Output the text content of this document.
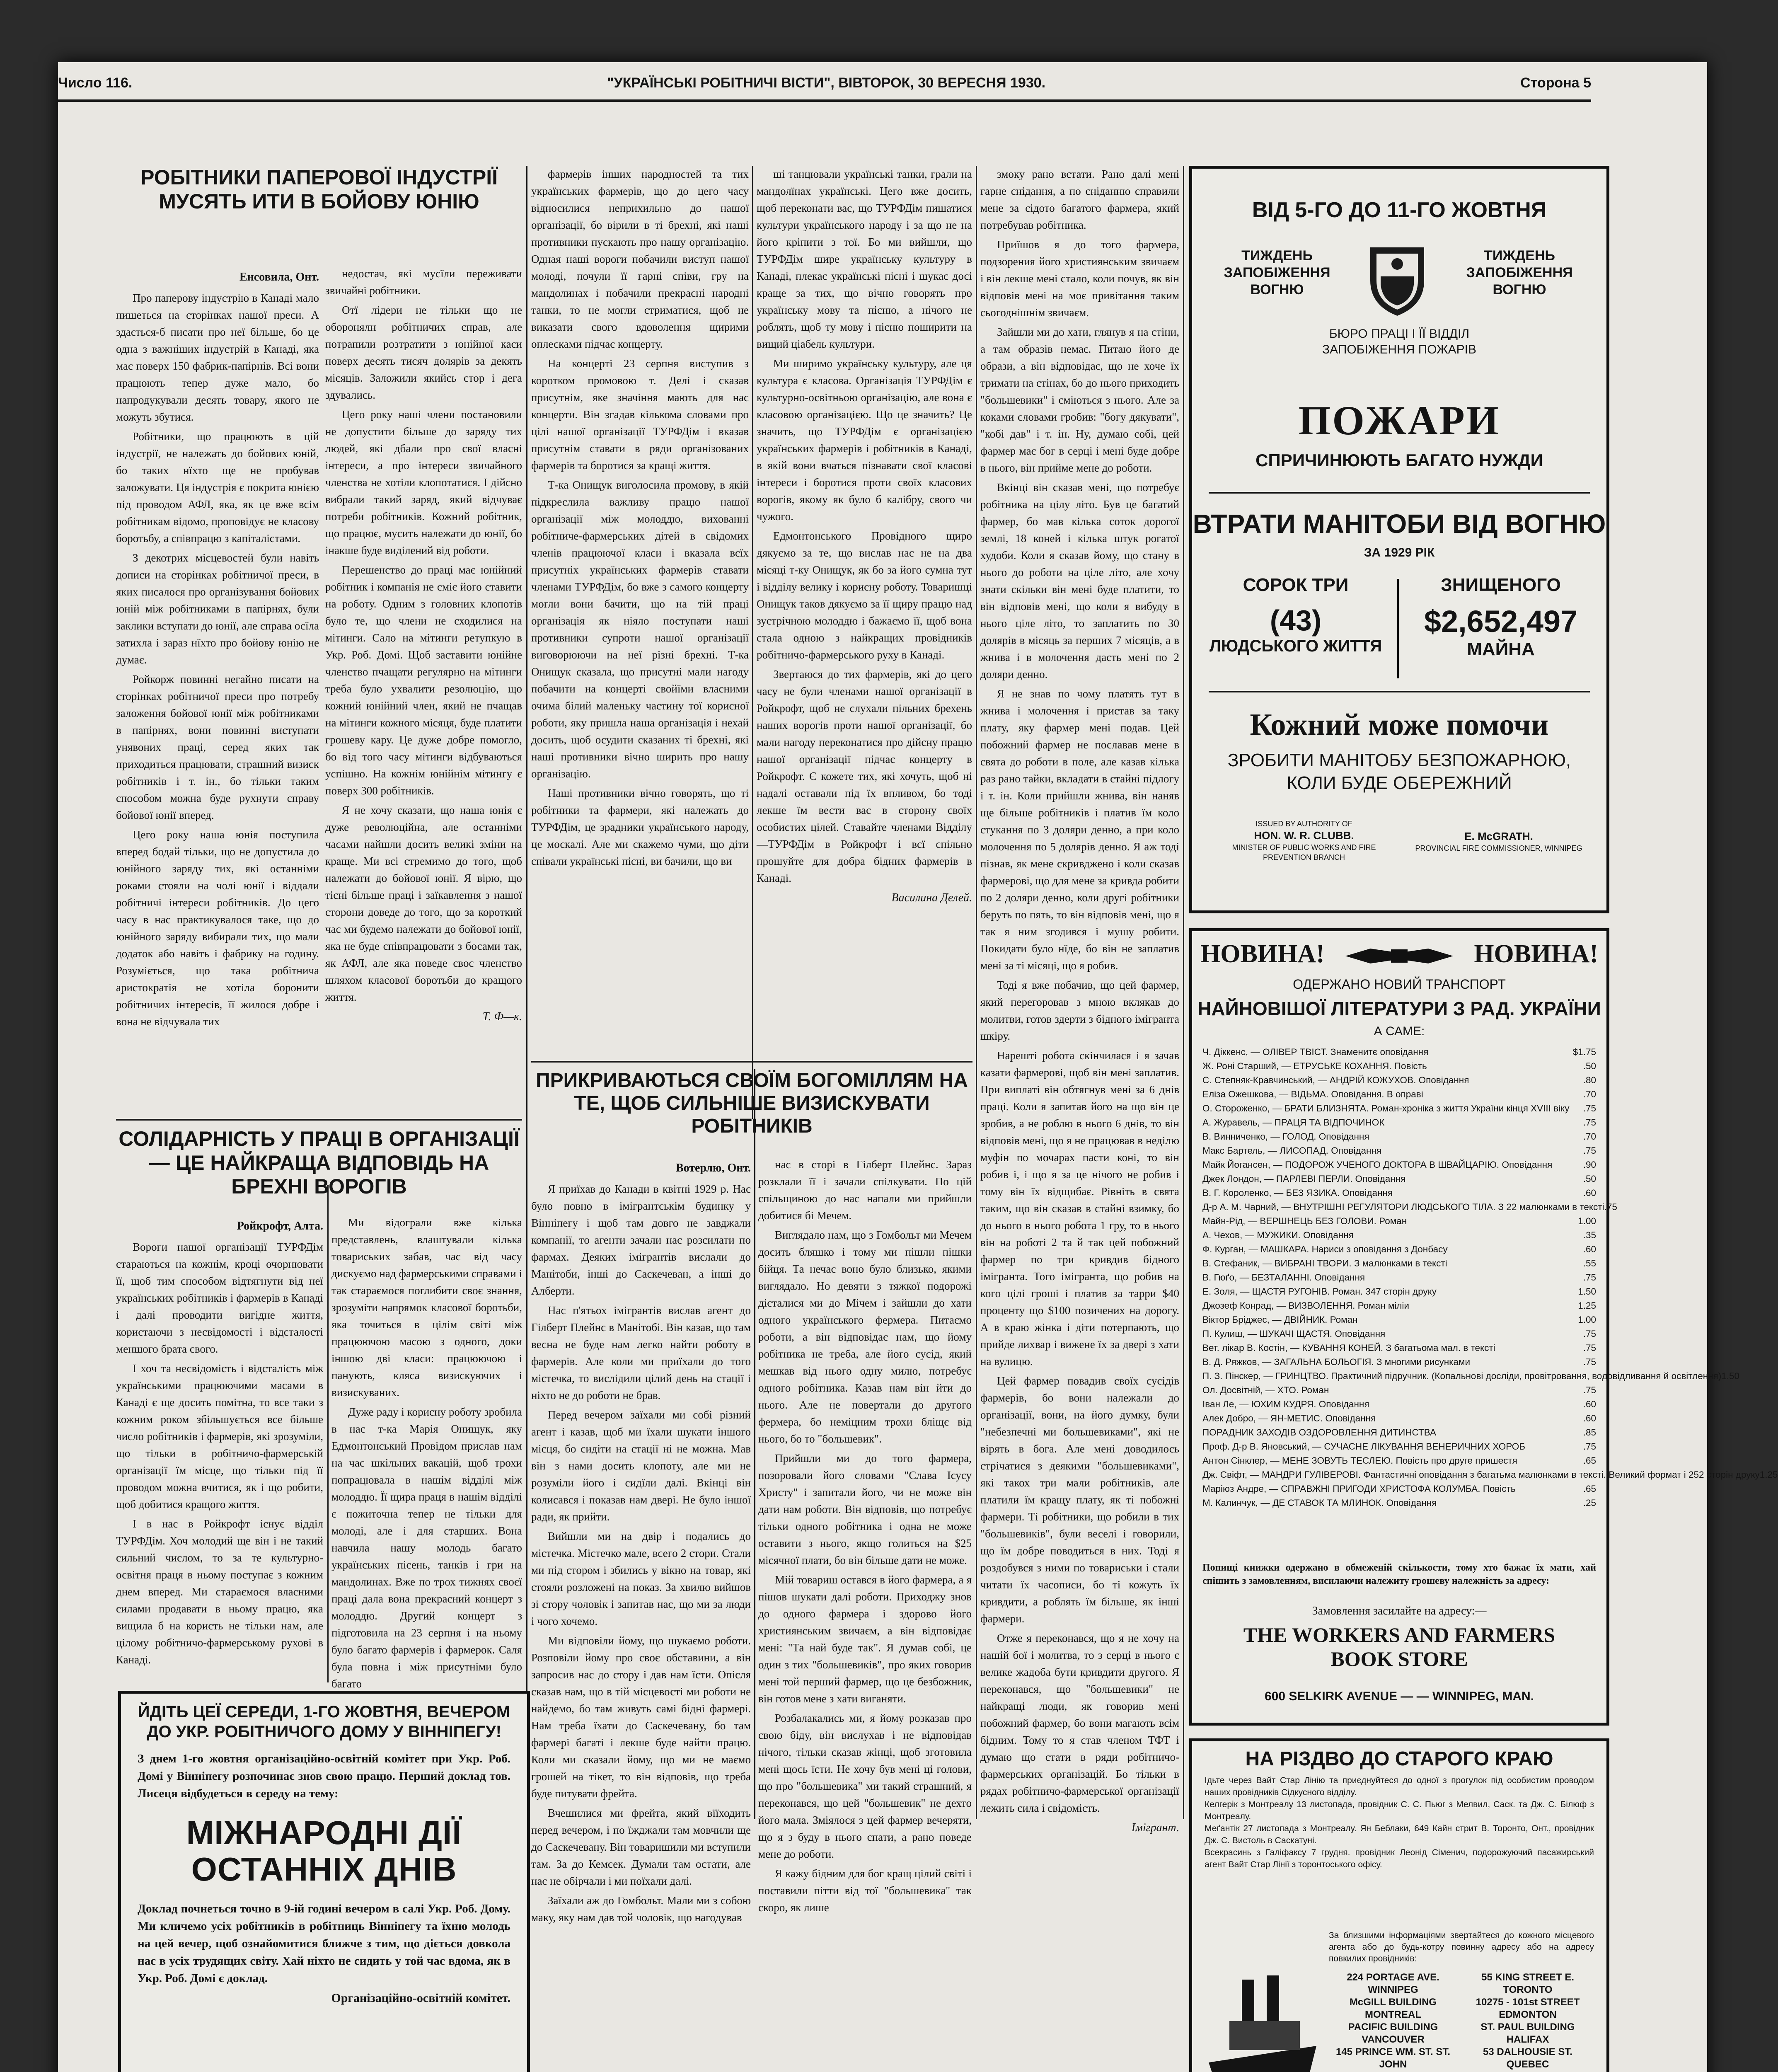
Число 116.	"УКРАЇНСЬКІ РОБІТНИЧІ ВІСТИ", ВІВТОРОК, 30 ВЕРЕСНЯ 1930.	Сторона 5
РОБІТНИКИ ПАПЕРОВОЇ ІНДУСТРІЇ МУСЯТЬ ИТИ В БОЙОВУ ЮНІЮ
Енсовила, Онт.

Про паперову індустрію в Канаді мало пишеться на сторінках нашої преси. А здається-б писати про неї більше, бо це одна з важніших індустрій в Канаді, яка має поверх 150 фабрик-папірнів. Всі вони працюють тепер дуже мало, бо напродукували десять товару, якого не можуть збутися.

Робітники, що працюють в цій індустрії, не належать до бойових юній, бо таких нїхто ще не пробував заложувати. Ця індустрія є покрита юнією під проводом АФЛ, яка, як це вже всім робітникам відомо, проповідує не класову боротьбу, а співпрацю з капіталістами.

З декотрих місцевостей були навіть дописи на сторінках робітничої преси, в яких писалося про організування бойових юній між робітниками в папірнях, були заклики вступати до юнії, але справа осїла затихла і зараз нїхто про бойову юнію не думає.

Ройкорж повинні негайно писати на сторінках робітничої преси про потребу заложення бойової юнії між робітниками в папірнях, вони повинні виступати унявоних праці, серед яких так приходиться працювати, страшний визиск робітників і т. ін., бо тільки таким способом можна буде рухнути справу бойової юнії вперед.

Цего року наша юнія поступила вперед бодай тільки, що не допустила до юнійного заряду тих, які останніми роками стояли на чолі юнії і віддали робітничі інтереси робітників. До цего часу в нас практикувалося таке, що до юнійного заряду вибирали тих, що мали додаток або навіть і фабрику на годину. Розуміється, що така робітнича аристократія не хотіла боронити робітничих інтересів, її жилося добре і вона не відчувала тих

недостач, які мусїли переживати звичайні робітники.

Отї лідери не тільки що не оборонялн робітничих справ, але потрапили розтратити з юнійної каси поверх десять тисяч долярів за декять місяців. Заложили якийсь стор і дега здувались.

Цего року наші члени постановили не допустити більше до заряду тих людей, які дбали про свої власні інтереси, а про інтереси звичайного членства не хотіли клопотатися. І дійсно вибрали такий заряд, який відчуває потреби робітників. Кожний робітник, що працює, мусить належати до юнії, бо інакше буде виділений від роботи.

Перешенство до праці має юнійний робітник і компанія не сміє його ставити на роботу. Одним з головних клопотів було те, що члени не сходилися на мітинги. Сало на мітинги ретупкую в Укр. Роб. Домі. Щоб заставити юнійне членство пчащати регулярно на мітинги треба було ухвалити резолюцію, що кожний юнійний член, який не пчащав на мітинги кожного місяця, буде платити грошеву кару. Це дуже добре помогло, бо від того часу мітинги відбуваються успішно. На кожнім юнійнім мітингу є поверх 300 робітників.

Я не хочу сказати, що наша юнія є дуже революційна, але останніми часами найшли досить великі зміни на краще. Ми всі стремимо до того, щоб належати до бойової юнії. Я вірю, що тісні більше праці і заїкавлення з нашої сторони доведе до того, що за короткий час ми будемо належати до бойової юнії, яка не буде співпрацювати з босами так, як АФЛ, але яка поведе своє членство шляхом класової боротьби до кращого життя.

Т. Ф—к.

фармерів інших народностей та тих українських фармерів, що до цего часу відносилися неприхильно до нашої організації, бо вірили в ті брехні, які наші противники пускають про нашу організацію. Одная наші вороги побачили виступ нашої молоді, почули її гарні співи, гру на мандолинах і побачили прекрасні народні танки, то не могли стриматися, щоб не виказати свого вдоволення щирими оплесками підчас концерту.

На концерті 23 серпня виступив з коротком промовою т. Делі і сказав присутнім, яке значіння мають для нас концерти. Він згадав кількома словами про цілі нашої організації ТУРФДім і вказав присутнім ставати в ряди організованих фармерів та боротися за кращі життя.

Т-ка Онищук виголосила промову, в якій підкреслила важливу працю нашої організації між молоддю, вихованні робітниче-фармерських дітей в свідомих членів працюючої класи і вказала всїх присутніх українських фармерів ставати членами ТУРФДім, бо вже з самого концерту могли вони бачити, що на тій праці організація як ніяло поступати наші противники супроти нашої організації виговорюючи на неї різні брехні. Т-ка Онищук сказала, що присутні мали нагоду побачити на концерті свойїми власними очима білий маленьку частину тої корисної роботи, яку пришла наша організація і нехай досить, щоб осудити сказаних ті брехні, які наші противники вічно ширить про нашу організацію.

Наші противники вічно говорять, що ті робітники та фармери, які належать до ТУРФДім, це зрадники українського народу, це москалі. Але ми скажемо чуми, що діти співали українські пісні, ви бачили, що ви

ші танцювали українські танки, грали на мандолїнах українські. Цего вже досить, щоб переконати вас, що ТУРФДім пишатися культури українського народу і за що не на його кріпити з тої. Бо ми вийшли, що ТУРФДім шире українську культуру в Канаді, плекає українські пісні і шукає досі краще за тих, що вічно говорять про українську мову та пісню, а нічого не роблять, щоб ту мову і пісню поширити на вищий ціабель культури.

Ми ширимо українську культуру, але ця культура є класова. Організація ТУРФДім є культурно-освітньою організацію, але вона є класовою організацією. Що це значить? Це значить, що ТУРФДім є організацією українських фармерів і робітників в Канаді, в якій вони вчаться пізнавати свої класові інтереси і боротися проти своїх класових ворогів, якому як було б калібру, свого чи чужого.

Едмонтонського Провідного щиро дякуємо за те, що вислав нас не на два місяці т-ку Онищук, як бо за його сумна тут і відділу велику і корисну роботу. Товаришці Онищук таков дякуємо за її щиру працю над зустрічною молоддю і бажаємо її, щоб вона стала одною з найкращих провідників робітничо-фармерського руху в Канаді.

Звертаюся до тих фармерів, які до цего часу не були членами нашої організації в Ройкрофт, щоб не слухали пільних брехень наших ворогів проти нашої організації, бо мали нагоду переконатися про дійсну працю нашої організації підчас концерту в Ройкрофт. Є кожете тих, які хочуть, щоб ні надалі оставали під їх впливом, бо тоді лекше їм вести вас в сторону своїх особистих цілей. Ставайте членами Відділу—ТУРФДім в Ройкрофт і всї спільно прошуйте для добра бідних фармерів в Канаді.

Василина Делей.

змоку рано встати. Рано далі мені гарне снідання, а по сніданню справили мене за сідото багатого фармера, який потребував робітника.

Приїшов я до того фармера, подзорения його християнським звичаєм і він лекше мені стало, коли почув, як він відповів мені на моє привітання таким сьогоднішнім звичаєм.

Зайшли ми до хати, глянув я на стіни, а там образів немає. Питаю його де образи, а він відповідає, що не хоче їх тримати на стінах, бо до нього приходить "большевики" і сміються з нього. Але за коками словами гробив: "богу дякувати", "кобі дав" і т. ін. Ну, думаю собі, цей фармер має бог в серці і мені буде добре в нього, він прийме мене до роботи.

Вкінці він сказав мені, що потребує робітника на цілу літо. Був це багатий фармер, бо мав кілька соток дорогої землі, 18 коней і кілька штук рогатої худоби. Коли я сказав йому, що стану в нього до роботи на ціле літо, але хочу знати скільки він мені буде платити, то він відповів мені, що коли я вибуду в нього ціле літо, то заплатить по 30 долярів в місяць за перших 7 місяців, а в жнива і в молочення дасть мені по 2 доляри денно.

Я не знав по чому платять тут в жнива і молочення і пристав за таку плату, яку фармер мені подав. Цей побожний фармер не пославав мене в свята до роботи в поле, але казав кілька раз рано тайки, вкладати в стайні підлогу і т. ін. Коли прийшли жнива, він наняв ще більше робітників і платив їм коло стукання по 3 доляри денно, а при коло молочення по 5 долярів денно. Я аж тоді пізнав, як мене скривджено і коли сказав фармерові, що для мене за кривда робити по 2 доляри денно, коли другі робітники беруть по пять, то він відповів мені, що я так я ним згодився і мушу робити. Покидати було нїде, бо він не заплатив мені за ті місяці, що я робив.

Тоді я вже побачив, що цей фармер, який перегоровав з мною вклякав до молитви, готов здерти з бідного імігранта шкіру.

Нарешті робота скінчилася і я зачав казати фармерові, щоб він мені заплатив. При виплаті він обтягнув мені за 6 днів праці. Коли я запитав його на що він це зробив, а не роблю в нього 6 днів, то він відповів мені, що я не працював в неділю муфін по мочарах пасти коні, то він робив і, і що я за це нічого не робив і тому він їх відщибає. Рівніть в свята таким, що він сказав в стайні взимку, бо до нього в нього робота 1 гру, то в нього він на роботі 2 та й так цей побожний фармер по три кривдив бідного імігранта. Того імігранта, що робив на кого цілі гроші і платив за тарри $40 проценту що $100 позичених на дорогу. А в краю жінка і діти потерпають, що прийде лихвар і вижене їх за двері з хати на вулицю.

Цей фармер повадив своїх сусідів фармерів, бо вони належали до організації, вони, на його думку, були "небезпечні ми большевиками", які не вірять в бога. Але мені доводилось стрічатися з деякими "большевиками", які такох три мали робітників, але платили їм кращу плату, як ті побожні фармери. Ті робітники, що робили в тих "большевиків", були веселі і говорили, що їм добре поводиться в них. Тоді я роздобувся з ними по товариськи і стали читати їх часописи, бо ті кожуть їх кривдити, а роблять їм більше, як інші фармери.

Отже я переконався, що я не хочу на нашій бої і молитва, то з серці в нього є велике жадоба бути кривдити другого. Я переконався, що "большевики" не найкращі люди, як говорив мені побожний фармер, бо вони магають всім бідним. Тому то я став членом ТФТ і думаю що стати в ряди робітничо-фармерських організацій. Бо тільки в рядах робітничо-фармерської організації лежить сила і свідомість.

Імігрант.
СОЛІДАРНІСТЬ У ПРАЦІ В ОРГАНІЗАЦІЇ — ЦЕ НАЙКРАЩА ВІДПОВІДЬ НА БРЕХНІ ВОРОГІВ
Ройкрофт, Алта.

Вороги нашої організації ТУРФДім стараються на кожнім, кроці очорнювати її, щоб тим способом відтягнути від неї українських робітників і фармерів в Канаді і далі проводити вигідне життя, користаючи з несвідомості і відсталості меншого брата свого.

І хоч та несвідомість і відсталість між українськими працюючими масами в Канаді є ще досить помітна, то все таки з кожним роком збільшується все більше число робітників і фармерів, які зрозуміли, що тільки в робітничо-фармерській організації їм місце, що тільки під її проводом можна вчитися, як і що робити, щоб добитися кращого життя.

І в нас в Ройкрофт існує відділ ТУРФДім. Хоч молодий ще він і не такий сильний числом, то за те культурно-освітня праця в ньому поступає з кожним днем вперед. Ми стараємося власними силами продавати в ньому працю, яка вищила б на користь не тільки нам, але цілому робітничо-фармерському рухові в Канаді.

Ми відограли вже кілька представлень, влаштували кілька товариських забав, час від часу дискуємо над фармерськими справами і так стараємося поглибити своє знання, зрозуміти напрямок класової боротьби, яка точиться в цілім світі між працюючою масою з одного, доки іншою дві класи: працюючою і панують, кляса визискуючих і визискуваних.

Дуже раду і корисну роботу зробила в нас т-ка Марія Онищук, яку Едмонтонський Провідом прислав нам на час шкільних вакацій, щоб трохи попрацювала в нашім відділі між молоддю. Її щира праця в нашім відділі є пожиточна тепер не тільки для молоді, але і для старших. Вона навчила нашу молодь багато українських пісень, танків і гри на мандолинах. Вже по трох тижнях своєї праці дала вона прекрасний концерт з молоддю. Другий концерт з підготовила на 23 серпня і на ньому було багато фармерів і фармерок. Саля була повна і між присутніми було багато

ПРИКРИВАЮТЬСЯ СВОЇМ БОГОМІЛЛЯМ НА ТЕ, ЩОБ СИЛЬНІШЕ ВИЗИСКУВАТИ РОБІТНИКІВ
Вотерлю, Онт.

Я приїхав до Канади в квітні 1929 р. Нас було повно в імігрантськім будинку у Вінніпегу і щоб там довго не завджали компанії, то агенти зачали нас розсилати по фармах. Деяких імігрантів вислали до Манітоби, інші до Саскечеван, а інші до Алберти.

Нас п'ятьох імігрантів вислав агент до Гілберт Плейнс в Манітобі. Він казав, що там весна не буде нам легко найти роботу в фармерів. Але коли ми приїхали до того містечка, то вислідили цілий день на стації і ніхто не до роботи не брав.

Перед вечером заїхали ми собі різний агент і казав, щоб ми їхали шукати іншого місця, бо сидіти на стації ні не можна. Мав він з нами досить клопоту, але ми не розуміли його і сидїли далі. Вкінці він колисався і показав нам двері. Не було іншої ради, як прийти.

Вийшли ми на двір і подались до містечка. Містечко мале, всего 2 стори. Стали ми під стором і збились у вікно на товар, які стояли розложені на показ. За хвилю вийшов зі стору чоловік і запитав нас, що ми за люди і чого хочемо.

Ми відповіли йому, що шукаємо роботи. Розповіли йому про своє обставини, а він запросив нас до стору і дав нам їсти. Опісля сказав нам, що в тій місцевості ми роботи не найдемо, бо там живуть самі бідні фармері. Нам треба їхати до Саскечевану, бо там фармері багаті і лекше буде найти працю. Коли ми сказали йому, що ми не маємо грошей на тікет, то він відповів, що треба буде питувати фрейта.

Вчешилися ми фрейта, який вїїходить перед вечером, і по їжджали там мовчили ще до Саскечевану. Він товаришили ми вступили там. За до Кемсек. Думали там остати, але нас не обірчали і ми поїхали далі.

Заїхали аж до Гомбольт. Мали ми з собою маку, яку нам дав той чоловік, що нагодував

нас в сторі в Гілберт Плейнс. Зараз розклали її і зачали спілкувати. По цій спільщиною до нас напали ми прийшли добитися бі Мечем.

Виглядало нам, що з Гомбольт ми Мечем досить бляшко і тому ми пішли пішки бійця. Та нечас воно було близько, якими виглядало. Но девяти з тяжкої подорожі дісталися ми до Мічем і зайшли до хати одного українського фермера. Питаємо роботи, а він відповідає нам, що йому робітника не треба, але його сусід, який мешкав від нього одну милю, потребує одного робітника. Казав нам він йти до нього. Але не повертали до другого фермера, бо неміцним трохи бліщє від нього, бо то "большевик".

Прийшли ми до того фармера, позоровали його словами "Слава Ісусу Христу" і запитали його, чи не може він дати нам роботи. Він відповів, що потребує тільки одного робітника і одна не може оставити з нього, якщо голиться на $25 місячної плати, бо він більше дати не може.

Мій товариш остався в його фармера, а я пішов шукати далі роботи. Приходжу знов до одного фармера і здорово його християнським звичаєм, а він відповідає мені: "Та най буде так". Я думав собі, це один з тих "большевиків", про яких говорив мені той перший фармер, що це безбожник, він готов мене з хати виганяти.

Розбалакались ми, я йому розказав про свою біду, він вислухав і не відповідав нічого, тільки сказав жінці, щоб зготовила мені щось їсти. Не хочу був мені ці голови, що про "большевика" ми такий страшний, я переконався, що цей "большевик" не дехто його мала. Зміялося з цей фармер вечеряти, що я з буду в нього спати, а рано поведе мене до роботи.

Я кажу бідним для бог кращ цілий світі і поставили пітти від тої "большевика" так скоро, як лише

ЙДІТЬ ЦЕЇ СЕРЕДИ, 1-ГО ЖОВТНЯ, ВЕЧЕРОМ ДО УКР. РОБІТНИЧОГО ДОМУ У ВІННІПЕГУ!
З днем 1-го жовтня організаційно-освітній комітет при Укр. Роб. Домі у Вінніпегу розпочинає знов свою працю. Перший доклад тов. Лисеця відбудеться в середу на тему:
МІЖНАРОДНІ ДІЇ ОСТАННІХ ДНІВ
Доклад почнеться точно в 9-ій годині вечером в салі Укр. Роб. Дому. Ми кличемо усіх робітників в робітниць Вінніпегу та їхню молодь на цей вечер, щоб ознайомитися ближче з тим, що діється довкола нас в усіх трудящих світу. Хай ніхто не сидить у той час вдома, як в Укр. Роб. Домі є доклад.
Організаційно-освітній комітет.
ВІД 5-ГО ДО 11-ГО ЖОВТНЯ
ТИЖДЕНЬ ЗАПОБІЖЕННЯ ВОГНЮ
ТИЖДЕНЬ ЗАПОБІЖЕННЯ ВОГНЮ
БЮРО ПРАЦІ І ЇЇ ВІДДІЛ
ЗАПОБІЖЕННЯ ПОЖАРІВ
ПОЖАРИ
СПРИЧИНЮЮТЬ БАГАТО НУЖДИ
ВТРАТИ МАНІТОБИ ВІД ВОГНЮ
ЗА 1929 РІК
СОРОК ТРИ
(43)
ЛЮДСЬКОГО ЖИТТЯ
ЗНИЩЕНОГО
$2,652,497
МАЙНА
Кожний може помочи
ЗРОБИТИ МАНІТОБУ БЕЗПОЖАРНОЮ,
КОЛИ БУДЕ ОБЕРЕЖНИЙ
ISSUED BY AUTHORITY OF
HON. W. R. CLUBB.
MINISTER OF PUBLIC WORKS AND FIRE PREVENTION BRANCH
E. McGRATH.
PROVINCIAL FIRE COMMISSIONER, WINNIPEG
НОВИНА!	НОВИНА!
ОДЕРЖАНО НОВИЙ ТРАНСПОРТ
НАЙНОВІШОЇ ЛІТЕРАТУРИ З РАД. УКРАЇНИ
А САМЕ:
Ч. Діккенс, — ОЛІВЕР ТВІСТ. Знаменитє оповідання	$1.75
Ж. Роні Старший, — ЕТРУСЬКЕ КОХАННЯ. Повість	.50
С. Степняк-Кравчинський, — АНДРІЙ КОЖУХОВ. Оповідання	.80
Еліза Ожешкова, — ВІДЬМА. Оповідання. В оправі	.70
О. Стороженко, — БРАТИ БЛИЗНЯТА. Роман-хроніка з життя України кінця XVIII віку .75
А. Журавель, — ПРАЦЯ ТА ВІДПОЧИНОК	.75
В. Винниченко, — ГОЛОД. Оповідання	.70
Макс Бартель, — ЛИСОПАД. Оповідання	.75
Майк Йогансен, — ПОДОРОЖ УЧЕНОГО ДОКТОРА В ШВАЙЦАРІЮ. Оповідання	.90
Джек Лондон, — ПАРЛЕВІ ПЕРЛИ. Оповідання	.50
В. Г. Короленко, — БЕЗ ЯЗИКА. Оповідання	.60
Д-р А. М. Чарний, — ВНУТРІШНІ РЕГУЛЯТОРИ ЛЮДСЬКОГО ТІЛА. З 22 малюнками в тексті .75
Майн-Рід, — ВЕРШНЕЦЬ БЕЗ ГОЛОВИ. Роман	1.00
А. Чехов, — МУЖИКИ. Оповідання	.35
Ф. Курган, — МАШКАРА. Нариси з оповідання з Донбасу	.60
В. Стефаник, — ВИБРАНІ ТВОРИ. З малюнками в тексті	.55
В. Гюґо, — БЕЗТАЛАННІ. Оповідання	.75
Е. Золя, — ЩАСТЯ РУГОНІВ. Роман. 347 сторін друку	1.50
Джозеф Конрад, — ВИЗВОЛЕННЯ. Роман міліи	1.25
Віктор Бріджес, — ДВІЙНИК. Роман	1.00
П. Кулиш, — ШУКАЧІ ЩАСТЯ. Оповідання	.75
Вет. лікар В. Костін, — КУВАННЯ КОНЕЙ. З багатьома мал. в тексті	.75
В. Д. Ряжков, — ЗАГАЛЬНА БОЛЬОГІЯ. З многими рисунками	.75
П. З. Пінскер, — ГРИНЦТВО. Практичний підручник. (Копальнові досліди, провітровання, водовідливання й освітлення) 1.50
Ол. Досвітній, — ХТО. Роман	.75
Іван Ле, — ЮХИМ КУДРЯ. Оповідання	.60
Алек Добро, — ЯН-МЕТИС. Оповідання	.60
ПОРАДНИК ЗАХОДІВ ОЗДОРОВЛЕННЯ ДИТИНСТВА	.85
Проф. Д-р В. Яновський, — СУЧАСНЕ ЛІКУВАННЯ ВЕНЕРИЧНИХ ХОРОБ	.75
Антон Сінклер, — МЕНЕ ЗОВУТЬ ТЕСЛЕЮ. Повість про друге пришестя	.65
Дж. Свіфт, — МАНДРИ ГУЛІВЕРОВІ. Фантастичні оповідання з багатьма малюнками в тексті. Великий формат і 252 сторін друку 1.25
Маріюз Андре, — СПРАВЖНІ ПРИГОДИ ХРИСТОФА КОЛУМБА. Повість	.65
М. Калинчук, — ДЕ СТАВОК ТА МЛИНОК. Оповідання	.25
Попищі книжки одержано в обмеженій скількости, тому хто бажає їх мати, хай спішить з замовленням, висилаючи належиту грошеву належність за адресу:
Замовлення засилайте на адресу:—
THE WORKERS AND FARMERS
BOOK STORE
600 SELKIRK AVENUE — — WINNIPEG, MAN.
НА РІЗДВО ДО СТАРОГО КРАЮ
Ідьте через Вайт Стар Лінію та приєднуйтеся до одної з прогулок під особистим проводом наших провідників Сідкусного відділу.
Келгерік з Монтреалу 13 листопада, провідник С. С. Пьюг з Мелвил, Саск. та Дж. С. Білюф з Монтреалу.
Меґантік 27 листопада з Монтреалу. Ян Беблаки, 649 Кайн стрит В. Торонто, Онт., провідник Дж. С. Вистоль в Саскатуні.
Всекрасинь з Галіфаксу 7 грудня. провідник Леонід Сіменич, подорожуючий пасажирський агент Вайт Стар Лінії з торонтоського офісу.
За близшими інформаціями звертайтеся до кожного місцевого агента або до будь-котру повинну адресу або на адресу повкилих провідників:
224 PORTAGE AVE. WINNIPEG
McGILL BUILDING MONTREAL
PACIFIC BUILDING VANCOUVER
145 PRINCE WM. ST. ST. JOHN
55 KING STREET E. TORONTO
10275 - 101st STREET EDMONTON
ST. PAUL BUILDING HALIFAX
53 DALHOUSIE ST. QUEBEC
